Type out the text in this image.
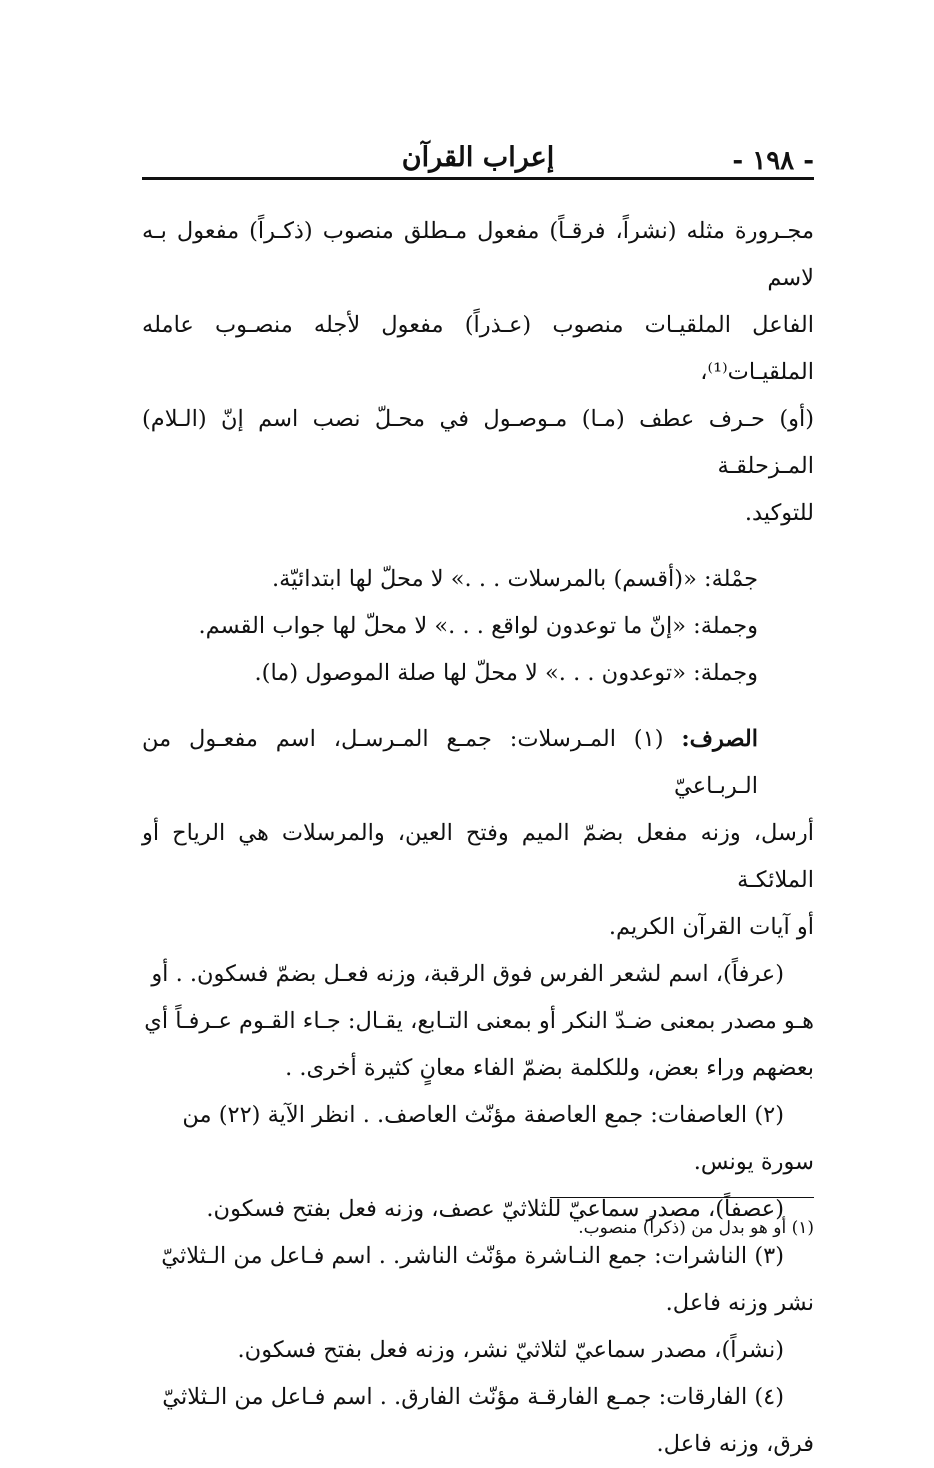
- ١٩٨ -
إعراب القرآن

مجـرورة مثله (نشراً، فرقـاً) مفعول مـطلق منصوب (ذكـراً) مفعول بـه لاسم

الفاعل الملقيـات منصوب (عـذراً) مفعول لأجله منصـوب عامله الملقيـات⁽¹⁾،

(أو) حـرف عطف (مـا) مـوصـول في محـلّ نصب اسم إنّ (الـلام) المـزحلقـة

للتوكيد.

جمْلة: «(أقسم) بالمرسلات . . .» لا محلّ لها ابتدائيّة.

وجملة: «إنّ ما توعدون لواقع . . .» لا محلّ لها جواب القسم.

وجملة: «توعدون . . .» لا محلّ لها صلة الموصول (ما).

الصرف: (١) المـرسلات: جمـع المـرسـل، اسم مفعـول من الـربـاعيّ

أرسل، وزنه مفعل بضمّ الميم وفتح العين، والمرسلات هي الرياح أو الملائكـة

أو آيات القرآن الكريم.

(عرفاً)، اسم لشعر الفرس فوق الرقبة، وزنه فعـل بضمّ فسكون. . أو

هـو مصدر بمعنى ضـدّ النكر أو بمعنى التـابع، يقـال: جـاء القـوم عـرفـاً أي

بعضهم وراء بعض، وللكلمة بضمّ الفاء معانٍ كثيرة أخرى. .

(٢) العاصفات: جمع العاصفة مؤنّث العاصف. . انظر الآية (٢٢) من

سورة يونس.

(عصفاً)، مصدر سماعيّ للثلاثيّ عصف، وزنه فعل بفتح فسكون.

(٣) الناشرات: جمع النـاشرة مؤنّث الناشر. . اسم فـاعل من الـثلاثيّ

نشر وزنه فاعل.

(نشراً)، مصدر سماعيّ لثلاثيّ نشر، وزنه فعل بفتح فسكون.

(٤) الفارقات: جمـع الفارقـة مؤنّث الفارق. . اسم فـاعل من الـثلاثيّ

فرق، وزنه فاعل.

(١) أو هو بدل من (ذكراً) منصوب.
